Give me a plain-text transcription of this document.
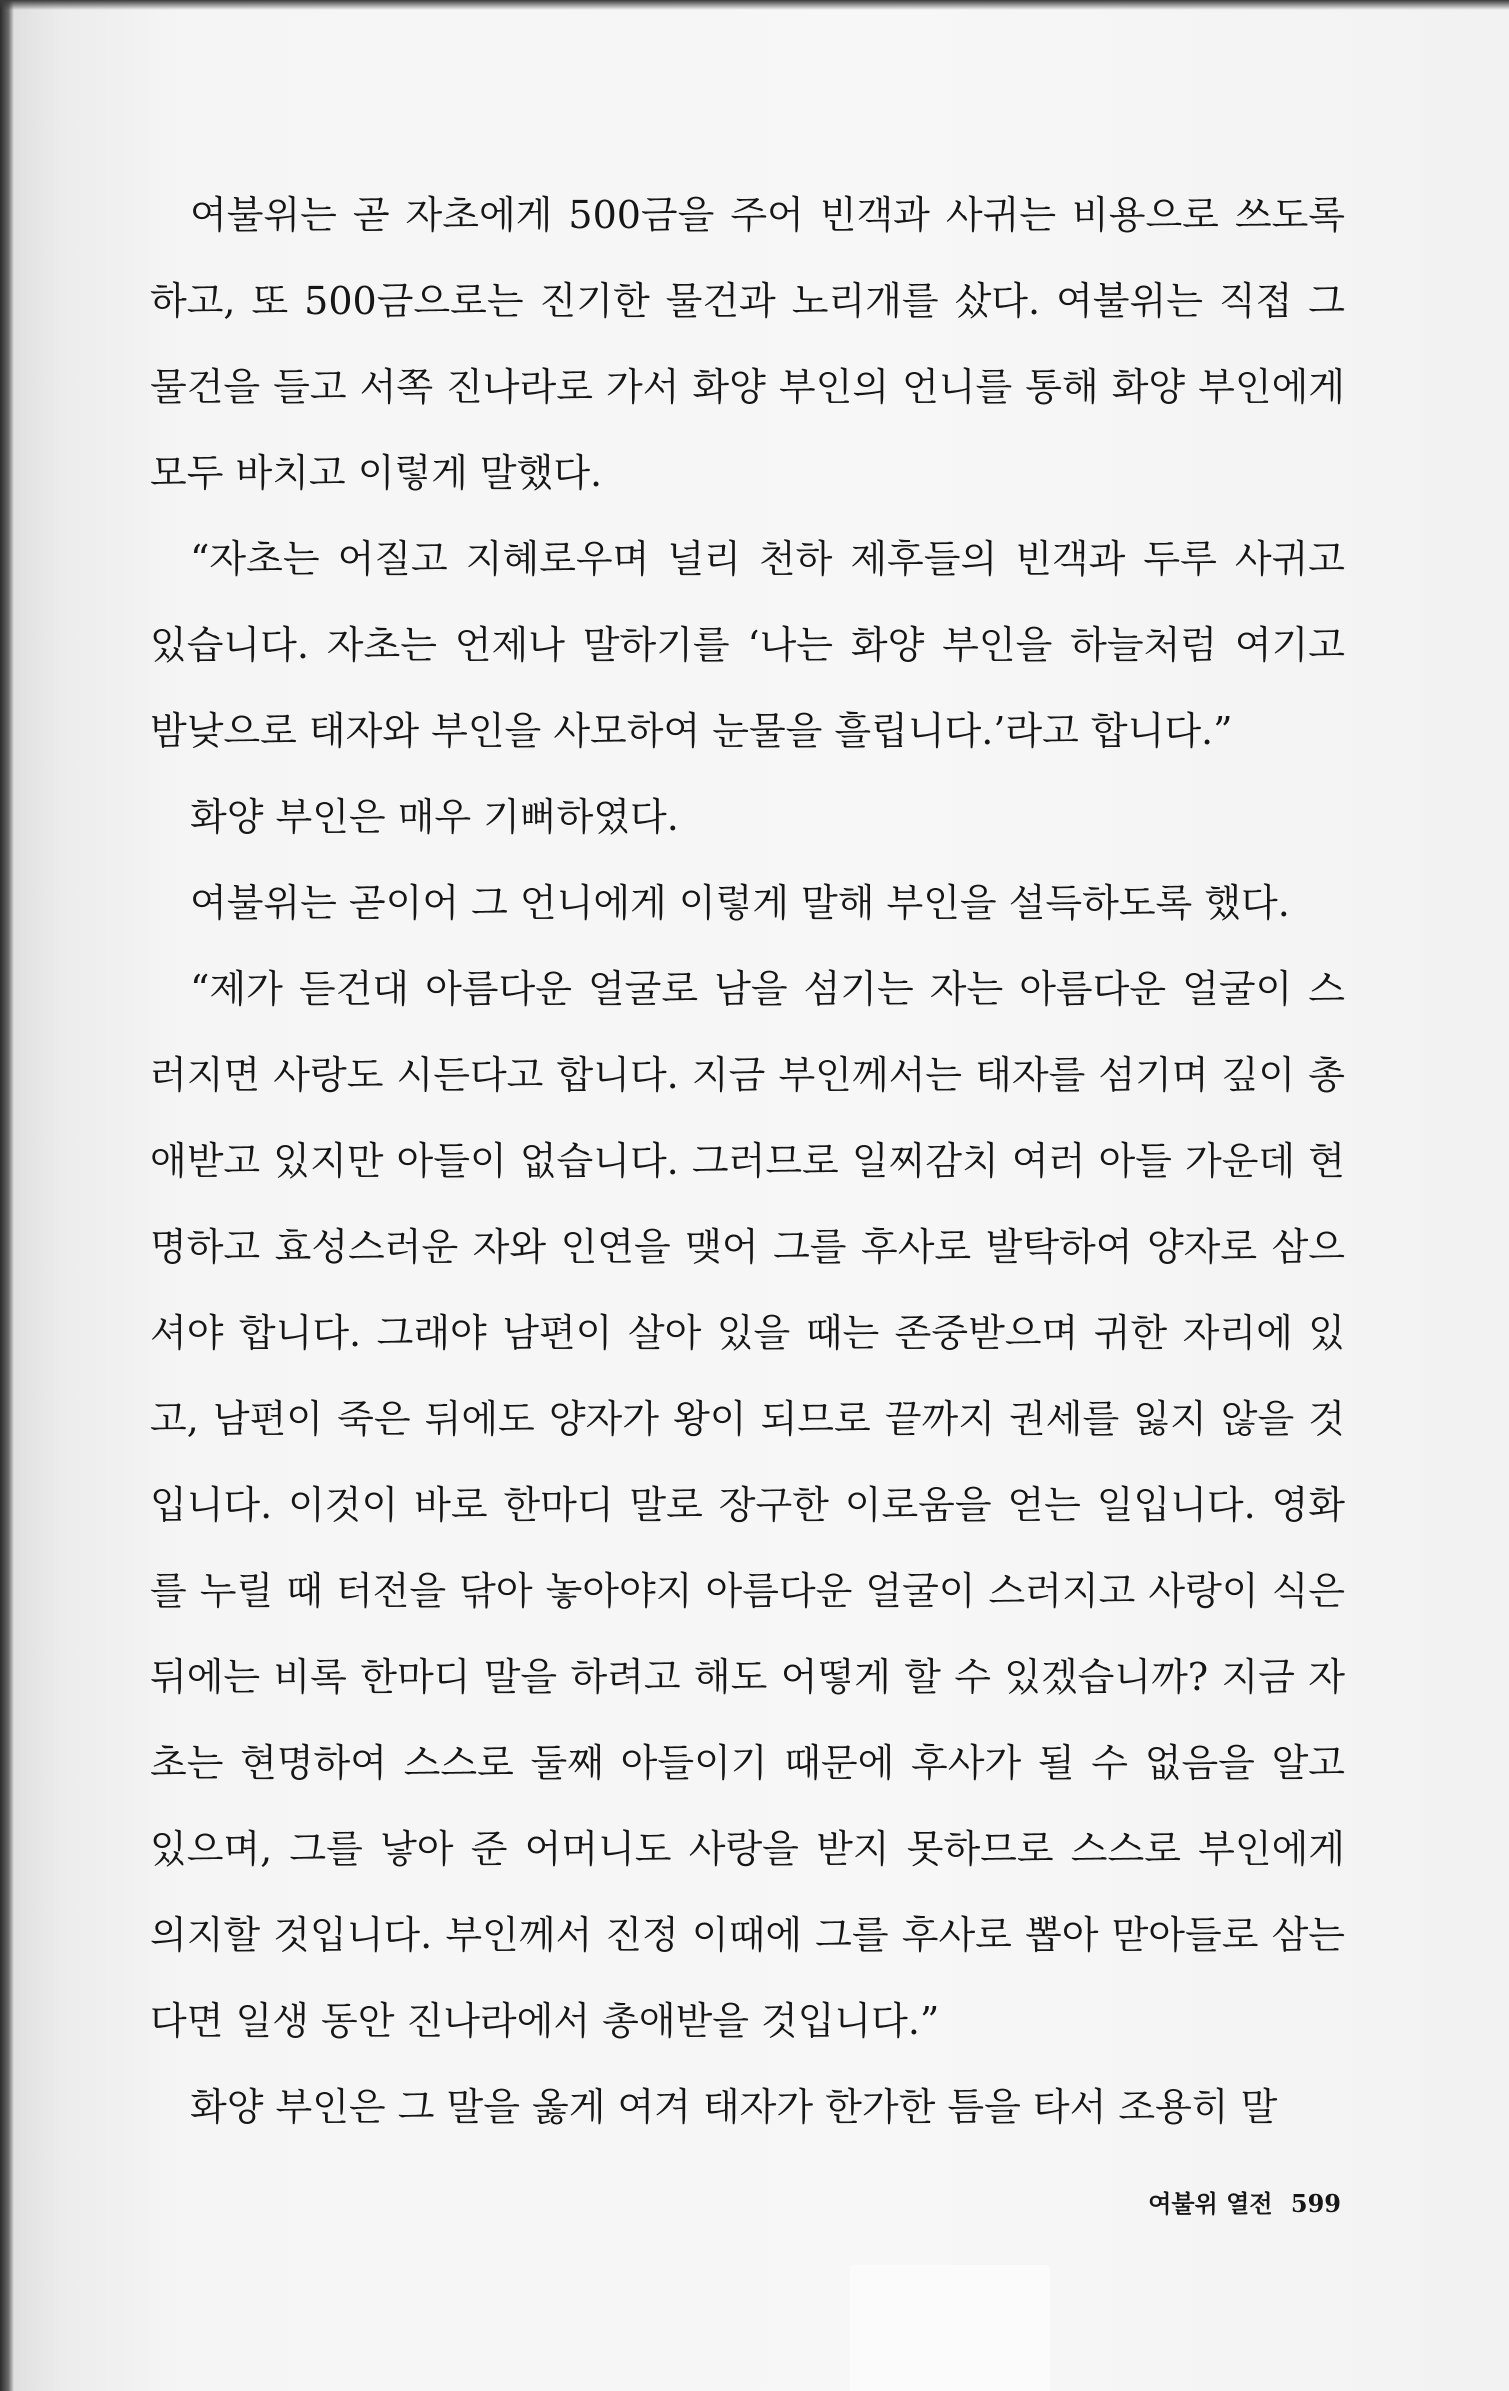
여불위는 곧 자초에게 500금을 주어 빈객과 사귀는 비용으로 쓰도록 하고, 또 500금으로는 진기한 물건과 노리개를 샀다. 여불위는 직접 그 물건을 들고 서쪽 진나라로 가서 화양 부인의 언니를 통해 화양 부인에게 모두 바치고 이렇게 말했다.

“자초는 어질고 지혜로우며 널리 천하 제후들의 빈객과 두루 사귀고 있습니다. 자초는 언제나 말하기를 ‘나는 화양 부인을 하늘처럼 여기고 밤낮으로 태자와 부인을 사모하여 눈물을 흘립니다.’라고 합니다.”

화양 부인은 매우 기뻐하였다.

여불위는 곧이어 그 언니에게 이렇게 말해 부인을 설득하도록 했다.

“제가 듣건대 아름다운 얼굴로 남을 섬기는 자는 아름다운 얼굴이 스러지면 사랑도 시든다고 합니다. 지금 부인께서는 태자를 섬기며 깊이 총애받고 있지만 아들이 없습니다. 그러므로 일찌감치 여러 아들 가운데 현명하고 효성스러운 자와 인연을 맺어 그를 후사로 발탁하여 양자로 삼으셔야 합니다. 그래야 남편이 살아 있을 때는 존중받으며 귀한 자리에 있고, 남편이 죽은 뒤에도 양자가 왕이 되므로 끝까지 권세를 잃지 않을 것입니다. 이것이 바로 한마디 말로 장구한 이로움을 얻는 일입니다. 영화를 누릴 때 터전을 닦아 놓아야지 아름다운 얼굴이 스러지고 사랑이 식은 뒤에는 비록 한마디 말을 하려고 해도 어떻게 할 수 있겠습니까? 지금 자초는 현명하여 스스로 둘째 아들이기 때문에 후사가 될 수 없음을 알고 있으며, 그를 낳아 준 어머니도 사랑을 받지 못하므로 스스로 부인에게 의지할 것입니다. 부인께서 진정 이때에 그를 후사로 뽑아 맏아들로 삼는다면 일생 동안 진나라에서 총애받을 것입니다.”

화양 부인은 그 말을 옳게 여겨 태자가 한가한 틈을 타서 조용히 말

여불위 열전 599
